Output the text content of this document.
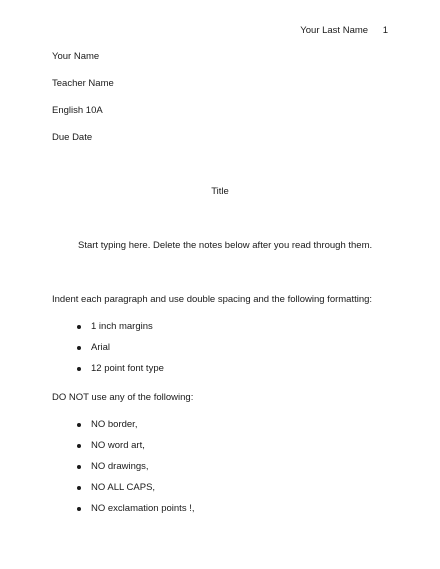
Your Last Name 1
Your Name
Teacher Name
English 10A
Due Date
Title
Start typing here. Delete the notes below after you read through them.
Indent each paragraph and use double spacing and the following formatting:
1 inch margins
Arial
12 point font type
DO NOT use any of the following:
NO border,
NO word art,
NO drawings,
NO ALL CAPS,
NO exclamation points !,
